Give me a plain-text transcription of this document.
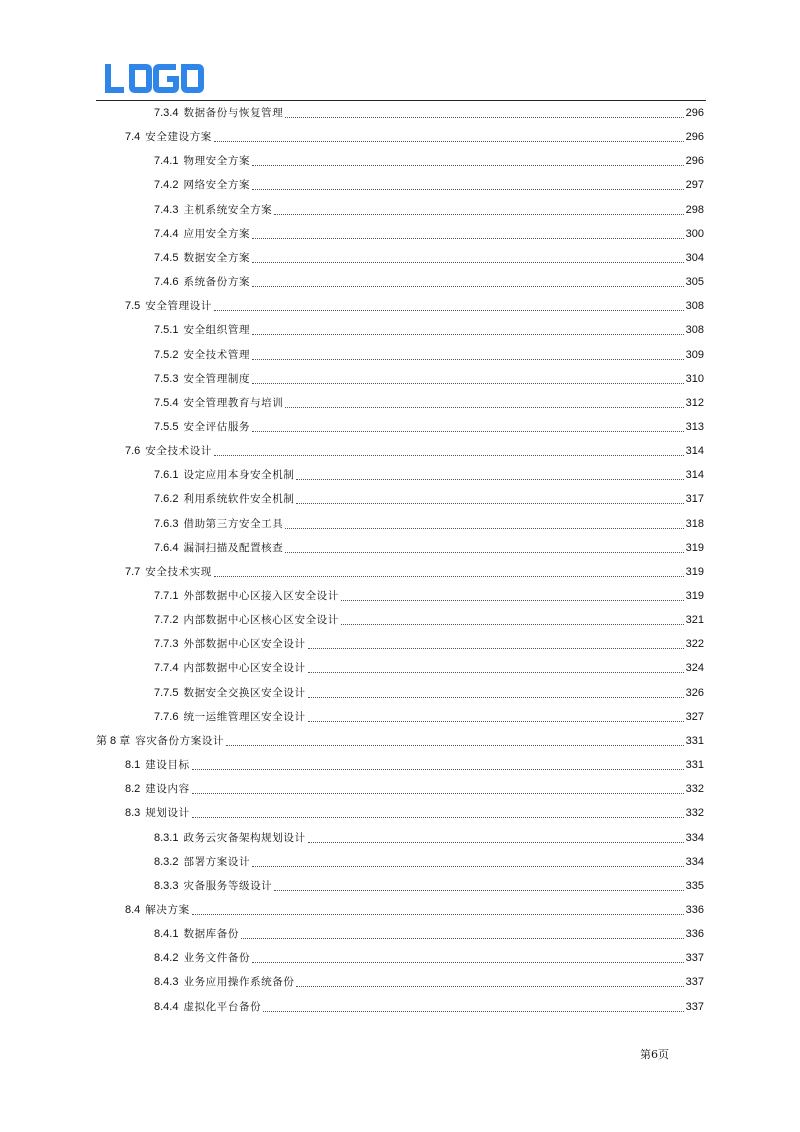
7.3.4 数据备份与恢复管理	296
7.4 安全建设方案	296
7.4.1 物理安全方案	296
7.4.2 网络安全方案	297
7.4.3 主机系统安全方案	298
7.4.4 应用安全方案	300
7.4.5 数据安全方案	304
7.4.6 系统备份方案	305
7.5 安全管理设计	308
7.5.1 安全组织管理	308
7.5.2 安全技术管理	309
7.5.3 安全管理制度	310
7.5.4 安全管理教育与培训	312
7.5.5 安全评估服务	313
7.6 安全技术设计	314
7.6.1 设定应用本身安全机制	314
7.6.2 利用系统软件安全机制	317
7.6.3 借助第三方安全工具	318
7.6.4 漏洞扫描及配置核查	319
7.7 安全技术实现	319
7.7.1 外部数据中心区接入区安全设计	319
7.7.2 内部数据中心区核心区安全设计	321
7.7.3 外部数据中心区安全设计	322
7.7.4 内部数据中心区安全设计	324
7.7.5 数据安全交换区安全设计	326
7.7.6 统一运维管理区安全设计	327
第 8 章 容灾备份方案设计	331
8.1 建设目标	331
8.2 建设内容	332
8.3 规划设计	332
8.3.1 政务云灾备架构规划设计	334
8.3.2 部署方案设计	334
8.3.3 灾备服务等级设计	335
8.4 解决方案	336
8.4.1 数据库备份	336
8.4.2 业务文件备份	337
8.4.3 业务应用操作系统备份	337
8.4.4 虚拟化平台备份	337
第6页
